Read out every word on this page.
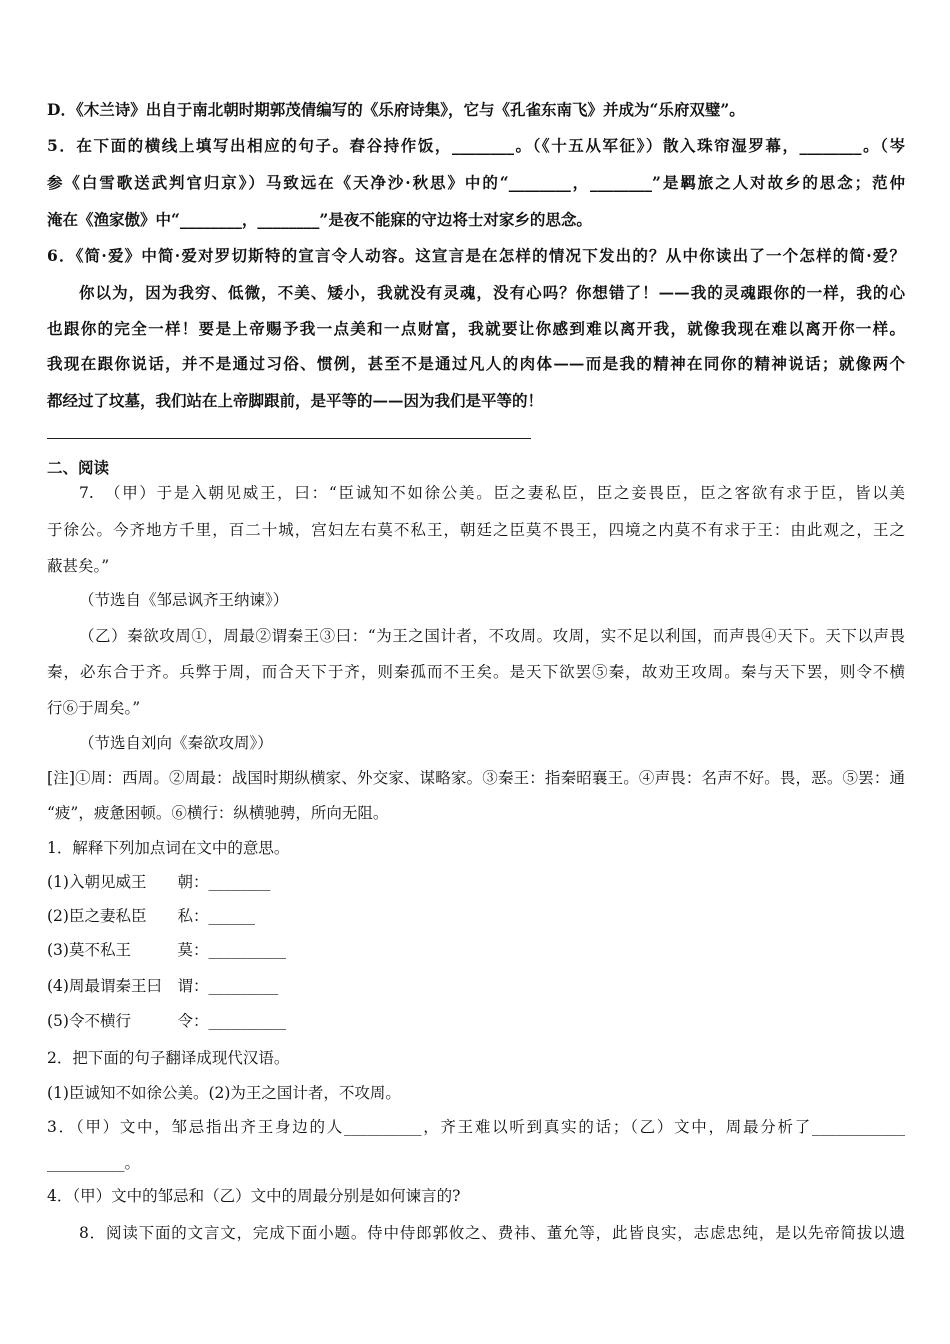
D．《木兰诗》出自于南北朝时期郭茂倩编写的《乐府诗集》，它与《孔雀东南飞》并成为“乐府双璧”。
5．在下面的横线上填写出相应的句子。舂谷持作饭，________。（《十五从军征》）散入珠帘湿罗幕，________。（岑
参《白雪歌送武判官归京》）马致远在《天净沙·秋思》中的“________，________”是羁旅之人对故乡的思念；范仲
淹在《渔家傲》中“________，________”是夜不能寐的守边将士对家乡的思念。
6．《简·爱》中简·爱对罗切斯特的宣言令人动容。这宣言是在怎样的情况下发出的？从中你读出了一个怎样的简·爱？
你以为，因为我穷、低微，不美、矮小，我就没有灵魂，没有心吗？你想错了！——我的灵魂跟你的一样，我的心
也跟你的完全一样！要是上帝赐予我一点美和一点财富，我就要让你感到难以离开我，就像我现在难以离开你一样。
我现在跟你说话，并不是通过习俗、惯例，甚至不是通过凡人的肉体——而是我的精神在同你的精神说话；就像两个
都经过了坟墓，我们站在上帝脚跟前，是平等的——因为我们是平等的！
二、阅读
7.　（甲）于是入朝见威王，曰：“臣诚知不如徐公美。臣之妻私臣，臣之妾畏臣，臣之客欲有求于臣，皆以美
于徐公。今齐地方千里，百二十城，宫妇左右莫不私王，朝廷之臣莫不畏王，四境之内莫不有求于王：由此观之，王之
蔽甚矣。”
（节选自《邹忌讽齐王纳谏》）
（乙）秦欲攻周①，周最②谓秦王③曰：“为王之国计者，不攻周。攻周，实不足以利国，而声畏④天下。天下以声畏
秦，必东合于齐。兵弊于周，而合天下于齐，则秦孤而不王矣。是天下欲罢⑤秦，故劝王攻周。秦与天下罢，则令不横
行⑥于周矣。”
（节选自刘向《秦欲攻周》）
[注]①周：西周。②周最：战国时期纵横家、外交家、谋略家。③秦王：指秦昭襄王。④声畏：名声不好。畏，恶。⑤罢：通
“疲”，疲惫困顿。⑥横行：纵横驰骋，所向无阻。
1．解释下列加点词在文中的意思。
(1)入朝见威王　　朝：________
(2)臣之妻私臣　　私：______
(3)莫不私王　　　莫：__________
(4)周最谓秦王曰　谓：_________
(5)令不横行　　　令：__________
2．把下面的句子翻译成现代汉语。
(1)臣诚知不如徐公美。(2)为王之国计者，不攻周。
3．（甲）文中，邹忌指出齐王身边的人__________，齐王难以听到真实的话；（乙）文中，周最分析了____________
__________。
4．（甲）文中的邹忌和（乙）文中的周最分别是如何谏言的?
8．阅读下面的文言文，完成下面小题。侍中侍郎郭攸之、费祎、董允等，此皆良实，志虑忠纯，是以先帝简拔以遗
